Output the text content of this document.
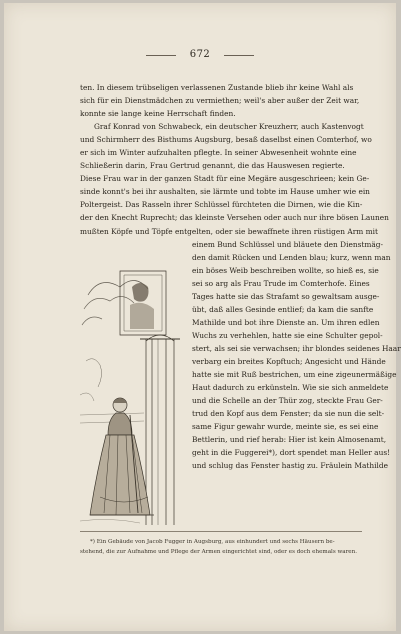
672
ten. In diesem trübseligen verlassenen Zustande blieb ihr keine Wahl als
sich für ein Dienstmädchen zu vermiethen; weil's aber außer der Zeit war,
konnte sie lange keine Herrschaft finden.
Graf Konrad von Schwabeck, ein deutscher Kreuzherr, auch Kastenvogt
und Schirmherr des Bisthums Augsburg, besaß daselbst einen Comterhof, wo
er sich im Winter aufzuhalten pflegte. In seiner Abwesenheit wohnte eine
Schließerin darin, Frau Gertrud genannt, die das Hauswesen regierte.
Diese Frau war in der ganzen Stadt für eine Megäre ausgeschrieen; kein Ge-
sinde konnt's bei ihr aushalten, sie lärmte und tobte im Hause umher wie ein
Poltergeist. Das Rasseln ihrer Schlüssel fürchteten die Dirnen, wie die Kin-
der den Knecht Ruprecht; das kleinste Versehen oder auch nur ihre bösen Launen
mußten Köpfe und Töpfe entgelten, oder sie bewaffnete ihren rüstigen Arm mit
einem Bund Schlüssel und bläuete den Dienstmäg-
den damit Rücken und Lenden blau; kurz, wenn man
ein böses Weib beschreiben wollte, so hieß es, sie
sei so arg als Frau Trude im Comterhofe. Eines
Tages hatte sie das Strafamt so gewaltsam ausge-
übt, daß alles Gesinde entlief; da kam die sanfte
Mathilde und bot ihre Dienste an. Um ihren edlen
Wuchs zu verhehlen, hatte sie eine Schulter gepol-
stert, als sei sie verwachsen; ihr blondes seidenes Haar
verbarg ein breites Kopftuch; Angesicht und Hände
hatte sie mit Ruß bestrichen, um eine zigeunermäßige
Haut dadurch zu erkünsteln. Wie sie sich anmeldete
und die Schelle an der Thür zog, steckte Frau Ger-
trud den Kopf aus dem Fenster; da sie nun die selt-
same Figur gewahr wurde, meinte sie, es sei eine
Bettlerin, und rief herab: Hier ist kein Almosenamt,
geht in die Fuggerei*), dort spendet man Heller aus!
und schlug das Fenster hastig zu. Fräulein Mathilde
*) Ein Gebäude von Jacob Fugger in Augsburg, aus einhundert und sechs Häusern be-
stehend, die zur Aufnahme und Pflege der Armen eingerichtet sind, oder es doch ehemals waren.
